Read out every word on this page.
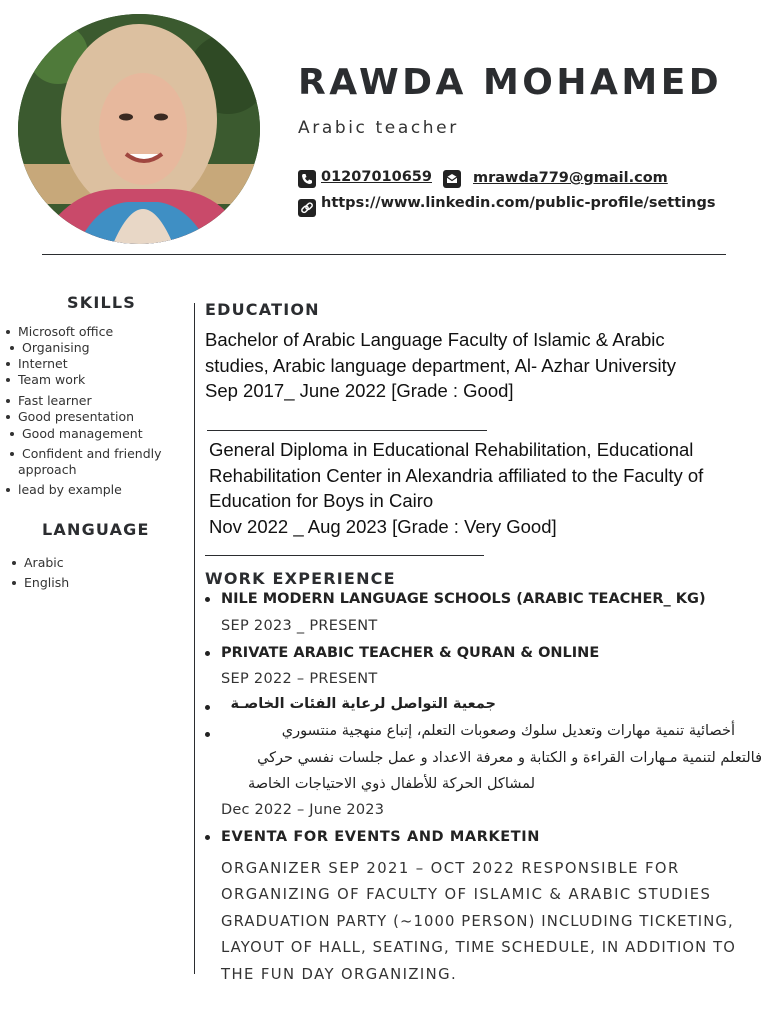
RAWDA MOHAMED
Arabic teacher
01207010659	mrawda779@gmail.com
https://www.linkedin.com/public-profile/settings
SKILLS
Microsoft office
Organising
Internet
Team work
Fast learner
Good presentation
Good management
Confident and friendly
approach
lead by example
LANGUAGE
Arabic
English
EDUCATION
Bachelor of Arabic Language Faculty of Islamic & Arabic
studies, Arabic language department, Al- Azhar University
Sep 2017_ June 2022 [Grade : Good]
General Diploma in Educational Rehabilitation, Educational
Rehabilitation Center in Alexandria affiliated to the Faculty of
Education for Boys in Cairo
Nov 2022 _ Aug 2023 [Grade : Very Good]
WORK EXPERIENCE
NILE MODERN LANGUAGE SCHOOLS (ARABIC TEACHER_ KG)
SEP 2023 _ PRESENT
PRIVATE ARABIC TEACHER & QURAN & ONLINE
SEP 2022 – PRESENT
جمعية التواصل لرعاية الفئات الخاصـة
أخصائية تنمية مهارات وتعديل سلوك وصعوبات التعلم، إتباع منهجية منتسوري
فالتعلم لتنمية مـهارات القراءة و الكتابة و معرفة الاعداد و عمل جلسات نفسي حركي
لمشاكل الحركة للأطفال ذوي الاحتياجات الخاصة
Dec 2022 – June 2023
EVENTA FOR EVENTS AND MARKETIN
ORGANIZER SEP 2021 – OCT 2022 RESPONSIBLE FOR
ORGANIZING OF FACULTY OF ISLAMIC & ARABIC STUDIES
GRADUATION PARTY (~1000 PERSON) INCLUDING TICKETING,
LAYOUT OF HALL, SEATING, TIME SCHEDULE, IN ADDITION TO
THE FUN DAY ORGANIZING.
